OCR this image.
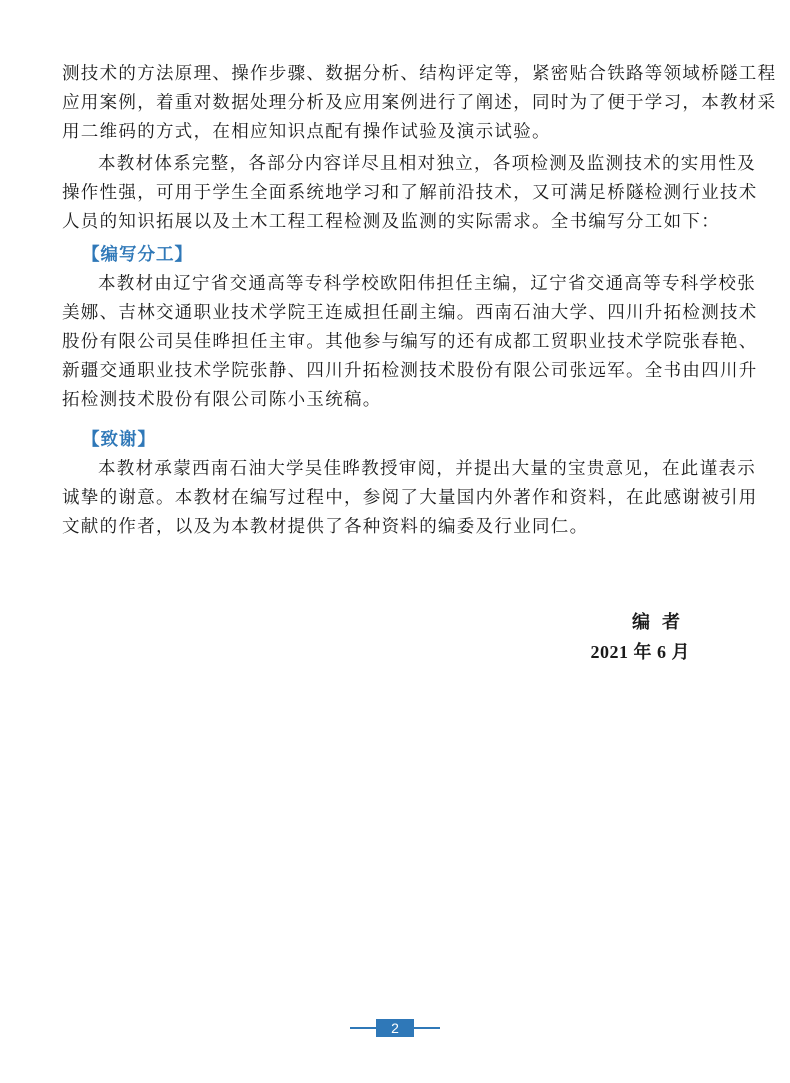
测技术的方法原理、操作步骤、数据分析、结构评定等，紧密贴合铁路等领域桥隧工程
应用案例，着重对数据处理分析及应用案例进行了阐述，同时为了便于学习，本教材采
用二维码的方式，在相应知识点配有操作试验及演示试验。
本教材体系完整，各部分内容详尽且相对独立，各项检测及监测技术的实用性及
操作性强，可用于学生全面系统地学习和了解前沿技术，又可满足桥隧检测行业技术
人员的知识拓展以及土木工程工程检测及监测的实际需求。全书编写分工如下：
【编写分工】
本教材由辽宁省交通高等专科学校欧阳伟担任主编，辽宁省交通高等专科学校张
美娜、吉林交通职业技术学院王连威担任副主编。西南石油大学、四川升拓检测技术
股份有限公司吴佳晔担任主审。其他参与编写的还有成都工贸职业技术学院张春艳、
新疆交通职业技术学院张静、四川升拓检测技术股份有限公司张远军。全书由四川升
拓检测技术股份有限公司陈小玉统稿。
【致谢】
本教材承蒙西南石油大学吴佳晔教授审阅，并提出大量的宝贵意见，在此谨表示
诚挚的谢意。本教材在编写过程中，参阅了大量国内外著作和资料，在此感谢被引用
文献的作者，以及为本教材提供了各种资料的编委及行业同仁。
编者
2021 年 6 月
2
